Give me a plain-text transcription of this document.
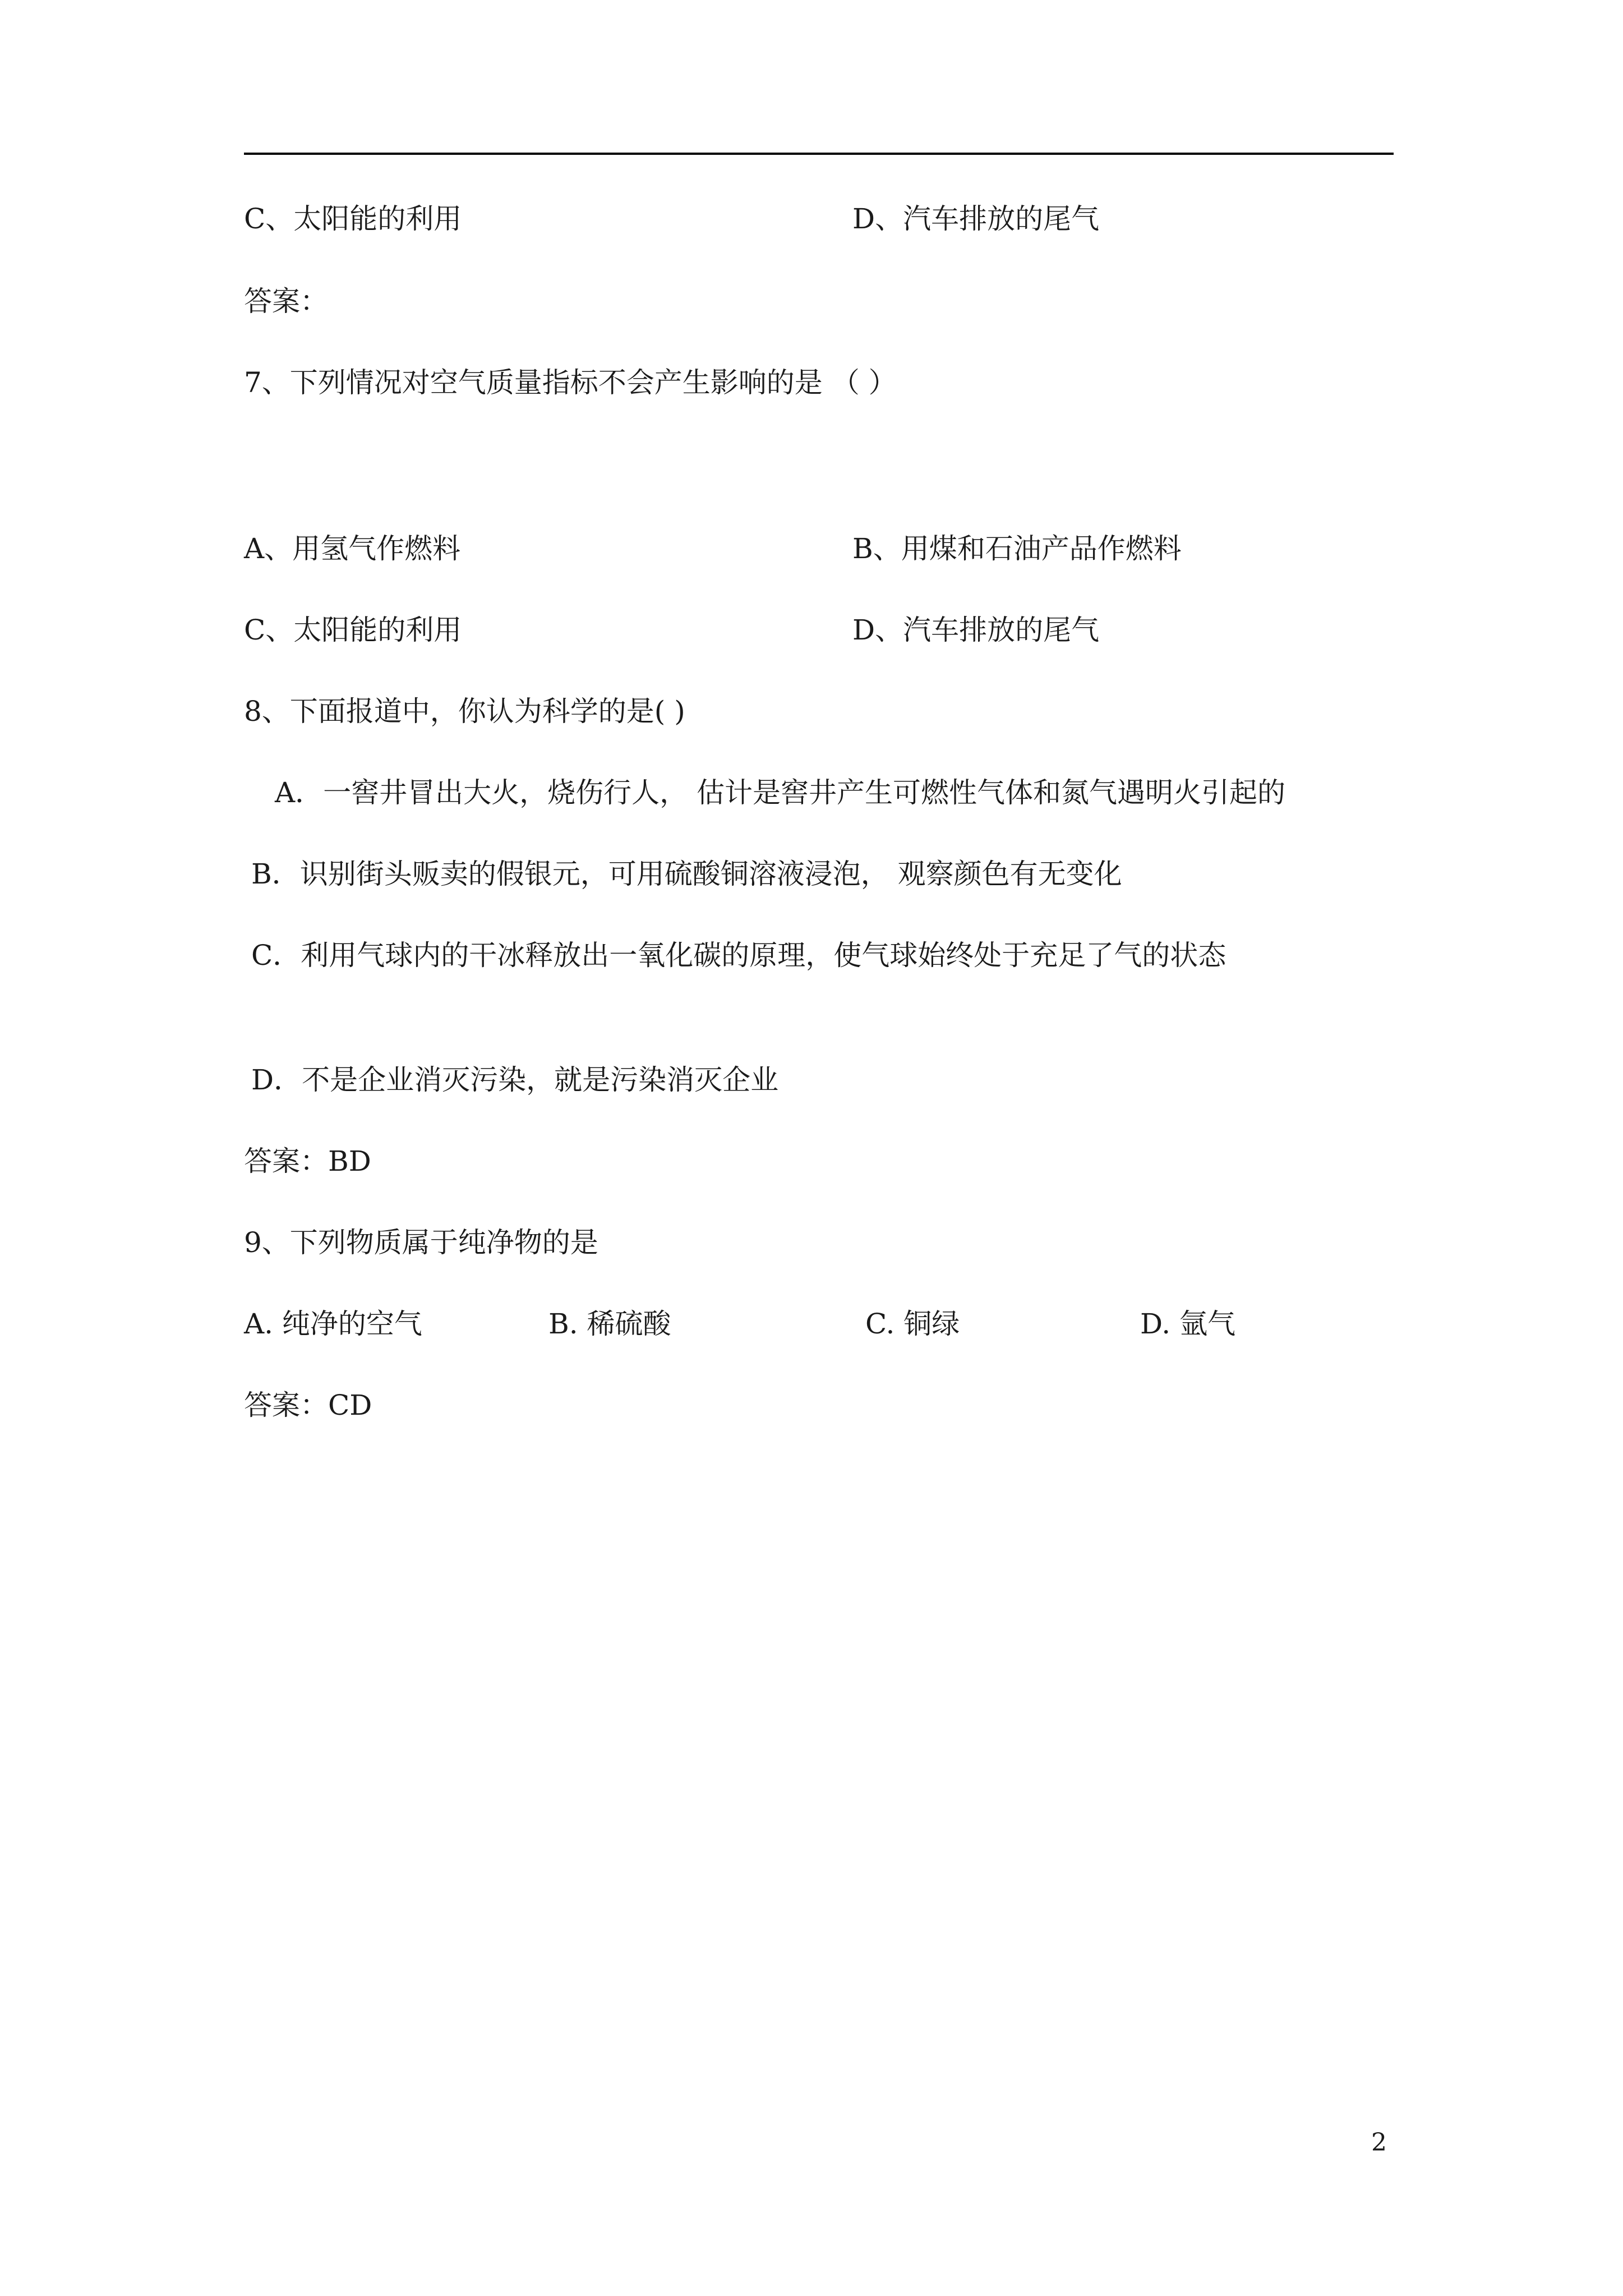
C、太阳能的利用	D、汽车排放的尾气
答案：
7、下列情况对空气质量指标不会产生影响的是 （ ）
A、用氢气作燃料	B、用煤和石油产品作燃料
C、太阳能的利用	D、汽车排放的尾气
8、下面报道中，你认为科学的是( )
A．一窖井冒出大火，烧伤行人， 估计是窖井产生可燃性气体和氮气遇明火引起的
B．识别街头贩卖的假银元，可用硫酸铜溶液浸泡， 观察颜色有无变化
C．利用气球内的干冰释放出一氧化碳的原理，使气球始终处于充足了气的状态
D．不是企业消灭污染，就是污染消灭企业
答案：BD
9、下列物质属于纯净物的是
A. 纯净的空气	B. 稀硫酸	C. 铜绿	D. 氩气
答案：CD
2
